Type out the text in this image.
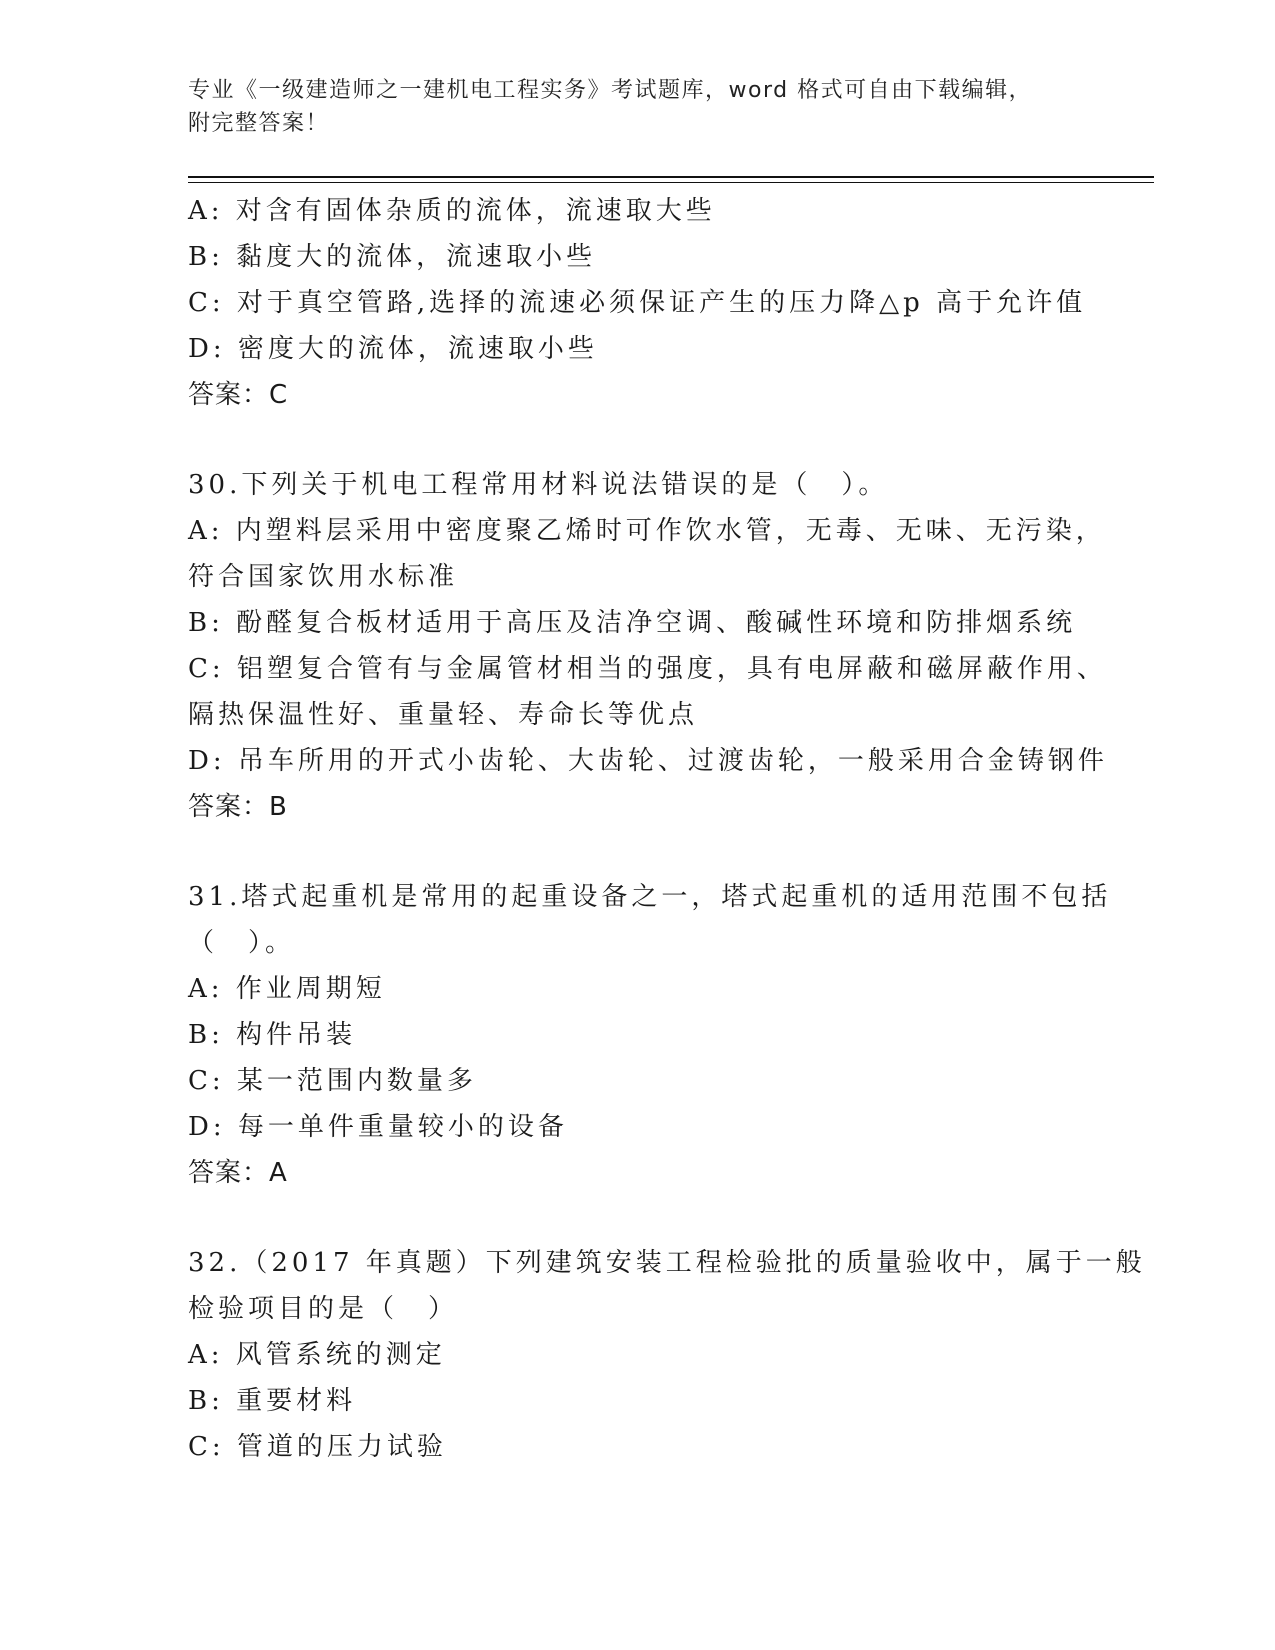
专业《一级建造师之一建机电工程实务》考试题库，word 格式可自由下载编辑，
附完整答案！
A: 对含有固体杂质的流体，流速取大些
B: 黏度大的流体，流速取小些
C: 对于真空管路,选择的流速必须保证产生的压力降△p 高于允许值
D: 密度大的流体，流速取小些
答案：C
30.下列关于机电工程常用材料说法错误的是（　）。
A: 内塑料层采用中密度聚乙烯时可作饮水管，无毒、无味、无污染，
符合国家饮用水标准
B: 酚醛复合板材适用于高压及洁净空调、酸碱性环境和防排烟系统
C: 铝塑复合管有与金属管材相当的强度，具有电屏蔽和磁屏蔽作用、
隔热保温性好、重量轻、寿命长等优点
D: 吊车所用的开式小齿轮、大齿轮、过渡齿轮，一般采用合金铸钢件
答案：B
31.塔式起重机是常用的起重设备之一，塔式起重机的适用范围不包括
（　）。
A: 作业周期短
B: 构件吊装
C: 某一范围内数量多
D: 每一单件重量较小的设备
答案：A
32.（2017 年真题）下列建筑安装工程检验批的质量验收中，属于一般
检验项目的是（　）
A: 风管系统的测定
B: 重要材料
C: 管道的压力试验
